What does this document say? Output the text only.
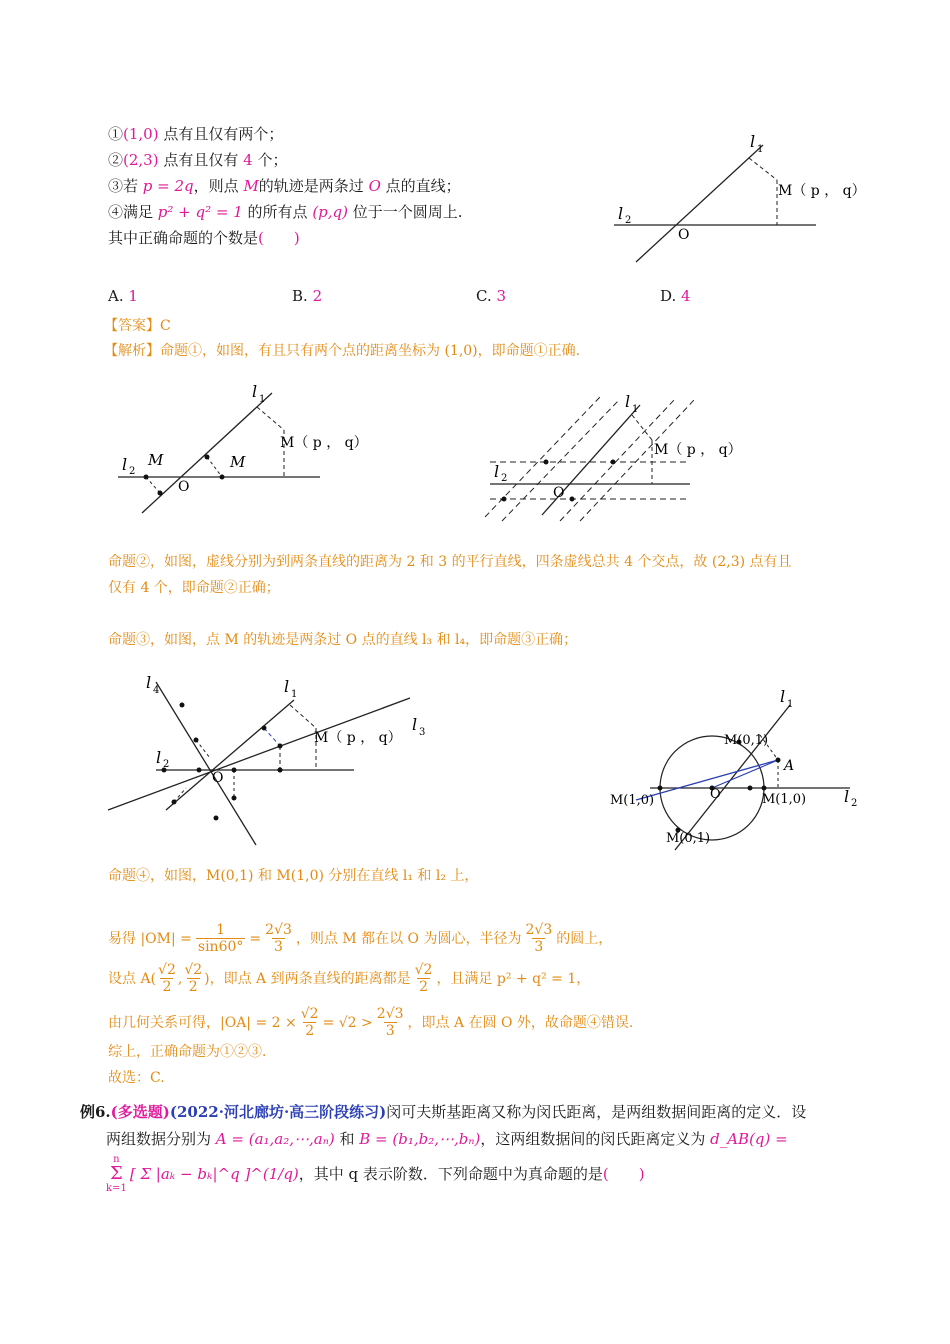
①(1,0) 点有且仅有两个；
②(2,3) 点有且仅有 4 个；
③若 p = 2q，则点 M的轨迹是两条过 O 点的直线；
④满足 p² + q² = 1 的所有点 (p,q) 位于一个圆周上.
其中正确命题的个数是(　　)
l 1
l 2
O
M（ p ， q）
A. 1	B. 2	C. 3	D. 4
【答案】C
【解析】命题①，如图，有且只有两个点的距离坐标为 (1,0)，即命题①正确.
l 1
l 2
O
M	M
M（ p ， q）
l 1
l 2
O
M（ p ， q）
命题②，如图，虚线分别为到两条直线的距离为 2 和 3 的平行直线，四条虚线总共 4 个交点，故 (2,3) 点有且
仅有 4 个，即命题②正确；
命题③，如图，点 M 的轨迹是两条过 O 点的直线 l₃ 和 l₄，即命题③正确；
l 4	l 1
l 3
l 2
O
M（ p ， q）
l 1
l 2
O
A
M(0,1)
M(1,0)	M(1,0)
M(0,1)
命题④，如图，M(0,1) 和 M(1,0) 分别在直线 l₁ 和 l₂ 上，
易得 $|OM| = \frac{1}{\sin 60^\circ} = \frac{2√3}{3}$ ，则点 M 都在以 O 为圆心，半径为
2√3
3
的圆上，
设点 A(
√2
2
,
√2
2
)，即点 A 到两条直线的距离都是
√2
2
，且满足 p² + q² = 1，
由几何关系可得，$|OA| = 2 \times \frac{√2}{2} = √2$ >
2√3
3
，即点 A 在圆 O 外，故命题④错误.
综上，正确命题为①②③.
故选：C.
例6.(多选题)(2022·河北廊坊·高三阶段练习)闵可夫斯基距离又称为闵氏距离，是两组数据间距离的定义．设
两组数据分别为 A = (a₁,a₂,⋯,aₙ) 和 B = (b₁,b₂,⋯,bₙ)，这两组数据间的闵氏距离定义为 d_AB(q) =
n
Σ
k=1
[ Σ |aₖ − bₖ|^q ]^(1/q) ，其中 q 表示阶数．下列命题中为真命题的是 (　　)
